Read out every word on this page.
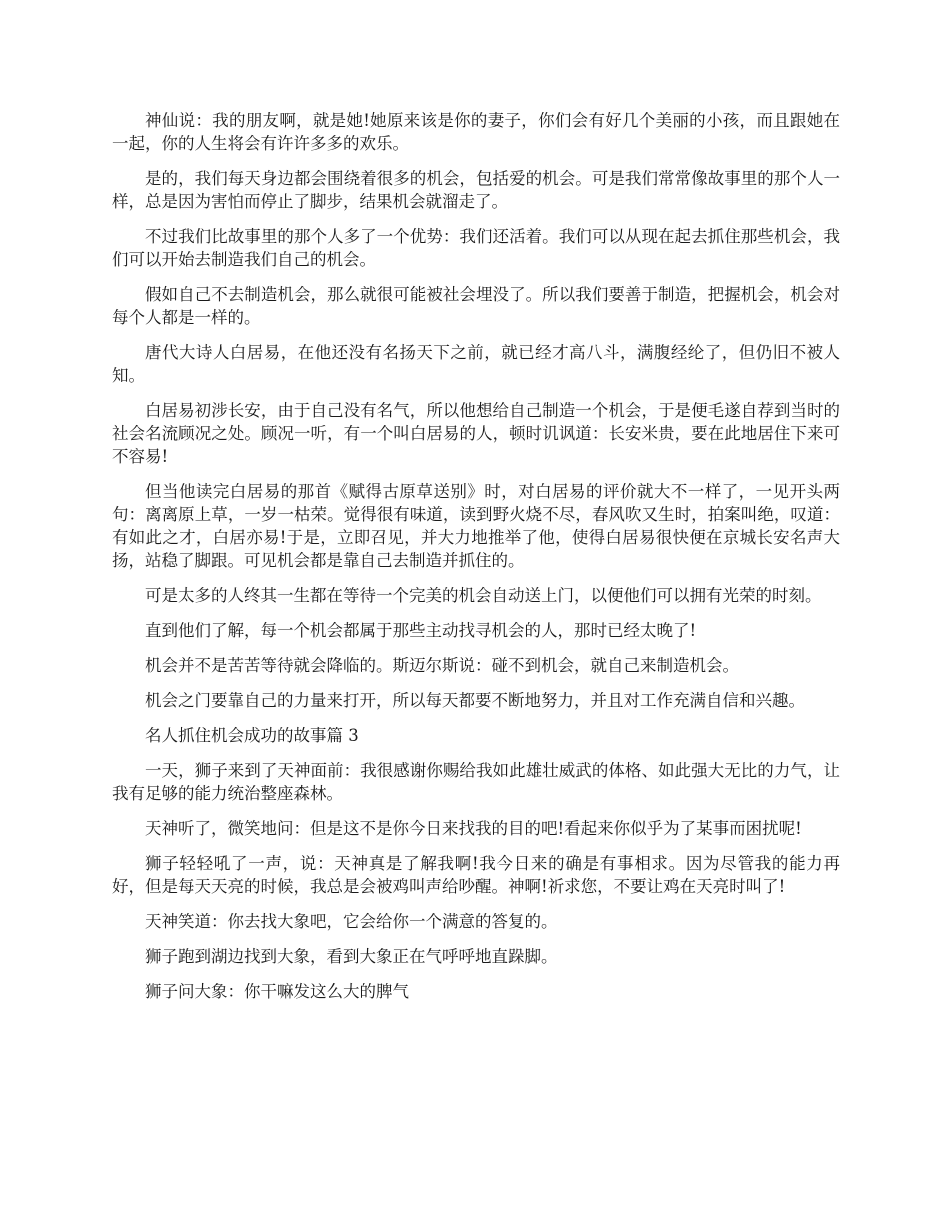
神仙说：我的朋友啊，就是她!她原来该是你的妻子，你们会有好几个美丽的小孩，而且跟她在一起，你的人生将会有许许多多的欢乐。

是的，我们每天身边都会围绕着很多的机会，包括爱的机会。可是我们常常像故事里的那个人一样，总是因为害怕而停止了脚步，结果机会就溜走了。

不过我们比故事里的那个人多了一个优势：我们还活着。我们可以从现在起去抓住那些机会，我们可以开始去制造我们自己的机会。

假如自己不去制造机会，那么就很可能被社会埋没了。所以我们要善于制造，把握机会，机会对每个人都是一样的。

唐代大诗人白居易，在他还没有名扬天下之前，就已经才高八斗，满腹经纶了，但仍旧不被人知。

白居易初涉长安，由于自己没有名气，所以他想给自己制造一个机会，于是便毛遂自荐到当时的社会名流顾况之处。顾况一听，有一个叫白居易的人，顿时讥讽道：长安米贵，要在此地居住下来可不容易!

但当他读完白居易的那首《赋得古原草送别》时，对白居易的评价就大不一样了，一见开头两句：离离原上草，一岁一枯荣。觉得很有味道，读到野火烧不尽，春风吹又生时，拍案叫绝，叹道：有如此之才，白居亦易!于是，立即召见，并大力地推举了他，使得白居易很快便在京城长安名声大扬，站稳了脚跟。可见机会都是靠自己去制造并抓住的。

可是太多的人终其一生都在等待一个完美的机会自动送上门，以便他们可以拥有光荣的时刻。

直到他们了解，每一个机会都属于那些主动找寻机会的人，那时已经太晚了!

机会并不是苦苦等待就会降临的。斯迈尔斯说：碰不到机会，就自己来制造机会。

机会之门要靠自己的力量来打开，所以每天都要不断地努力，并且对工作充满自信和兴趣。

名人抓住机会成功的故事篇 3

一天，狮子来到了天神面前：我很感谢你赐给我如此雄壮威武的体格、如此强大无比的力气，让我有足够的能力统治整座森林。

天神听了，微笑地问：但是这不是你今日来找我的目的吧!看起来你似乎为了某事而困扰呢!

狮子轻轻吼了一声，说：天神真是了解我啊!我今日来的确是有事相求。因为尽管我的能力再好，但是每天天亮的时候，我总是会被鸡叫声给吵醒。神啊!祈求您，不要让鸡在天亮时叫了!

天神笑道：你去找大象吧，它会给你一个满意的答复的。

狮子跑到湖边找到大象，看到大象正在气呼呼地直跺脚。

狮子问大象：你干嘛发这么大的脾气
